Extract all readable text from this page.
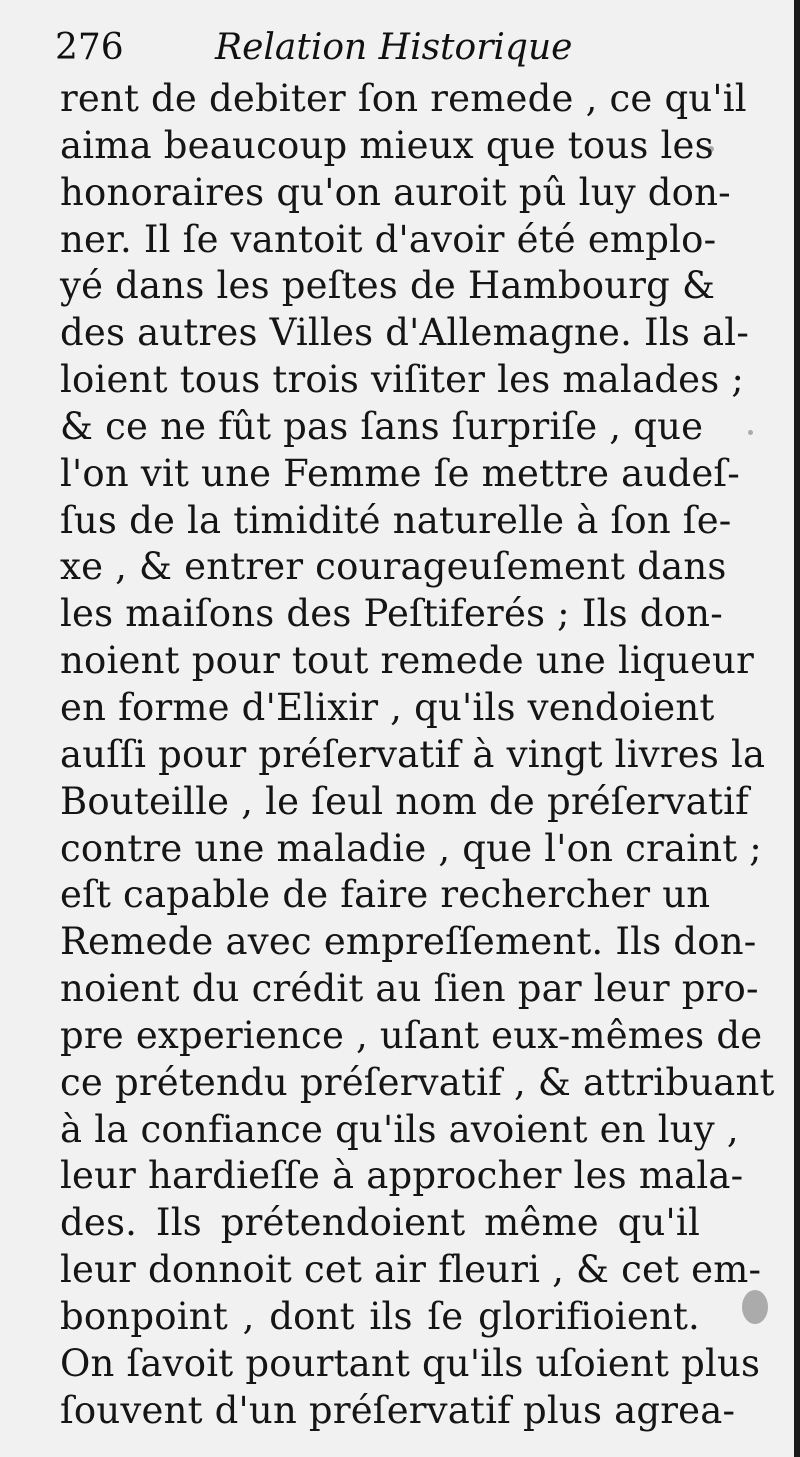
276	Relation Historique
rent de debiter ſon remede , ce qu'il
aima beaucoup mieux que tous les
honoraires qu'on auroit pû luy don-
ner. Il ſe vantoit d'avoir été emplo-
yé dans les peſtes de Hambourg &
des autres Villes d'Allemagne. Ils al-
loient tous trois viſiter les malades ;
& ce ne fût pas ſans ſurpriſe , que
l'on vit une Femme ſe mettre audeſ-
ſus de la timidité naturelle à ſon ſe-
xe , & entrer courageuſement dans
les maiſons des Peſtiferés ; Ils don-
noient pour tout remede une liqueur
en forme d'Elixir , qu'ils vendoient
auſſi pour préſervatif à vingt livres la
Bouteille , le ſeul nom de préſervatif
contre une maladie , que l'on craint ;
eſt capable de faire rechercher un
Remede avec empreſſement. Ils don-
noient du crédit au ſien par leur pro-
pre experience , uſant eux-mêmes de
ce prétendu préſervatif , & attribuant
à la confiance qu'ils avoient en luy ,
leur hardieſſe à approcher les mala-
des. Ils prétendoient même qu'il
leur donnoit cet air fleuri , & cet em-
bonpoint , dont ils ſe glorifioient.
On ſavoit pourtant qu'ils uſoient plus
ſouvent d'un préſervatif plus agrea-
